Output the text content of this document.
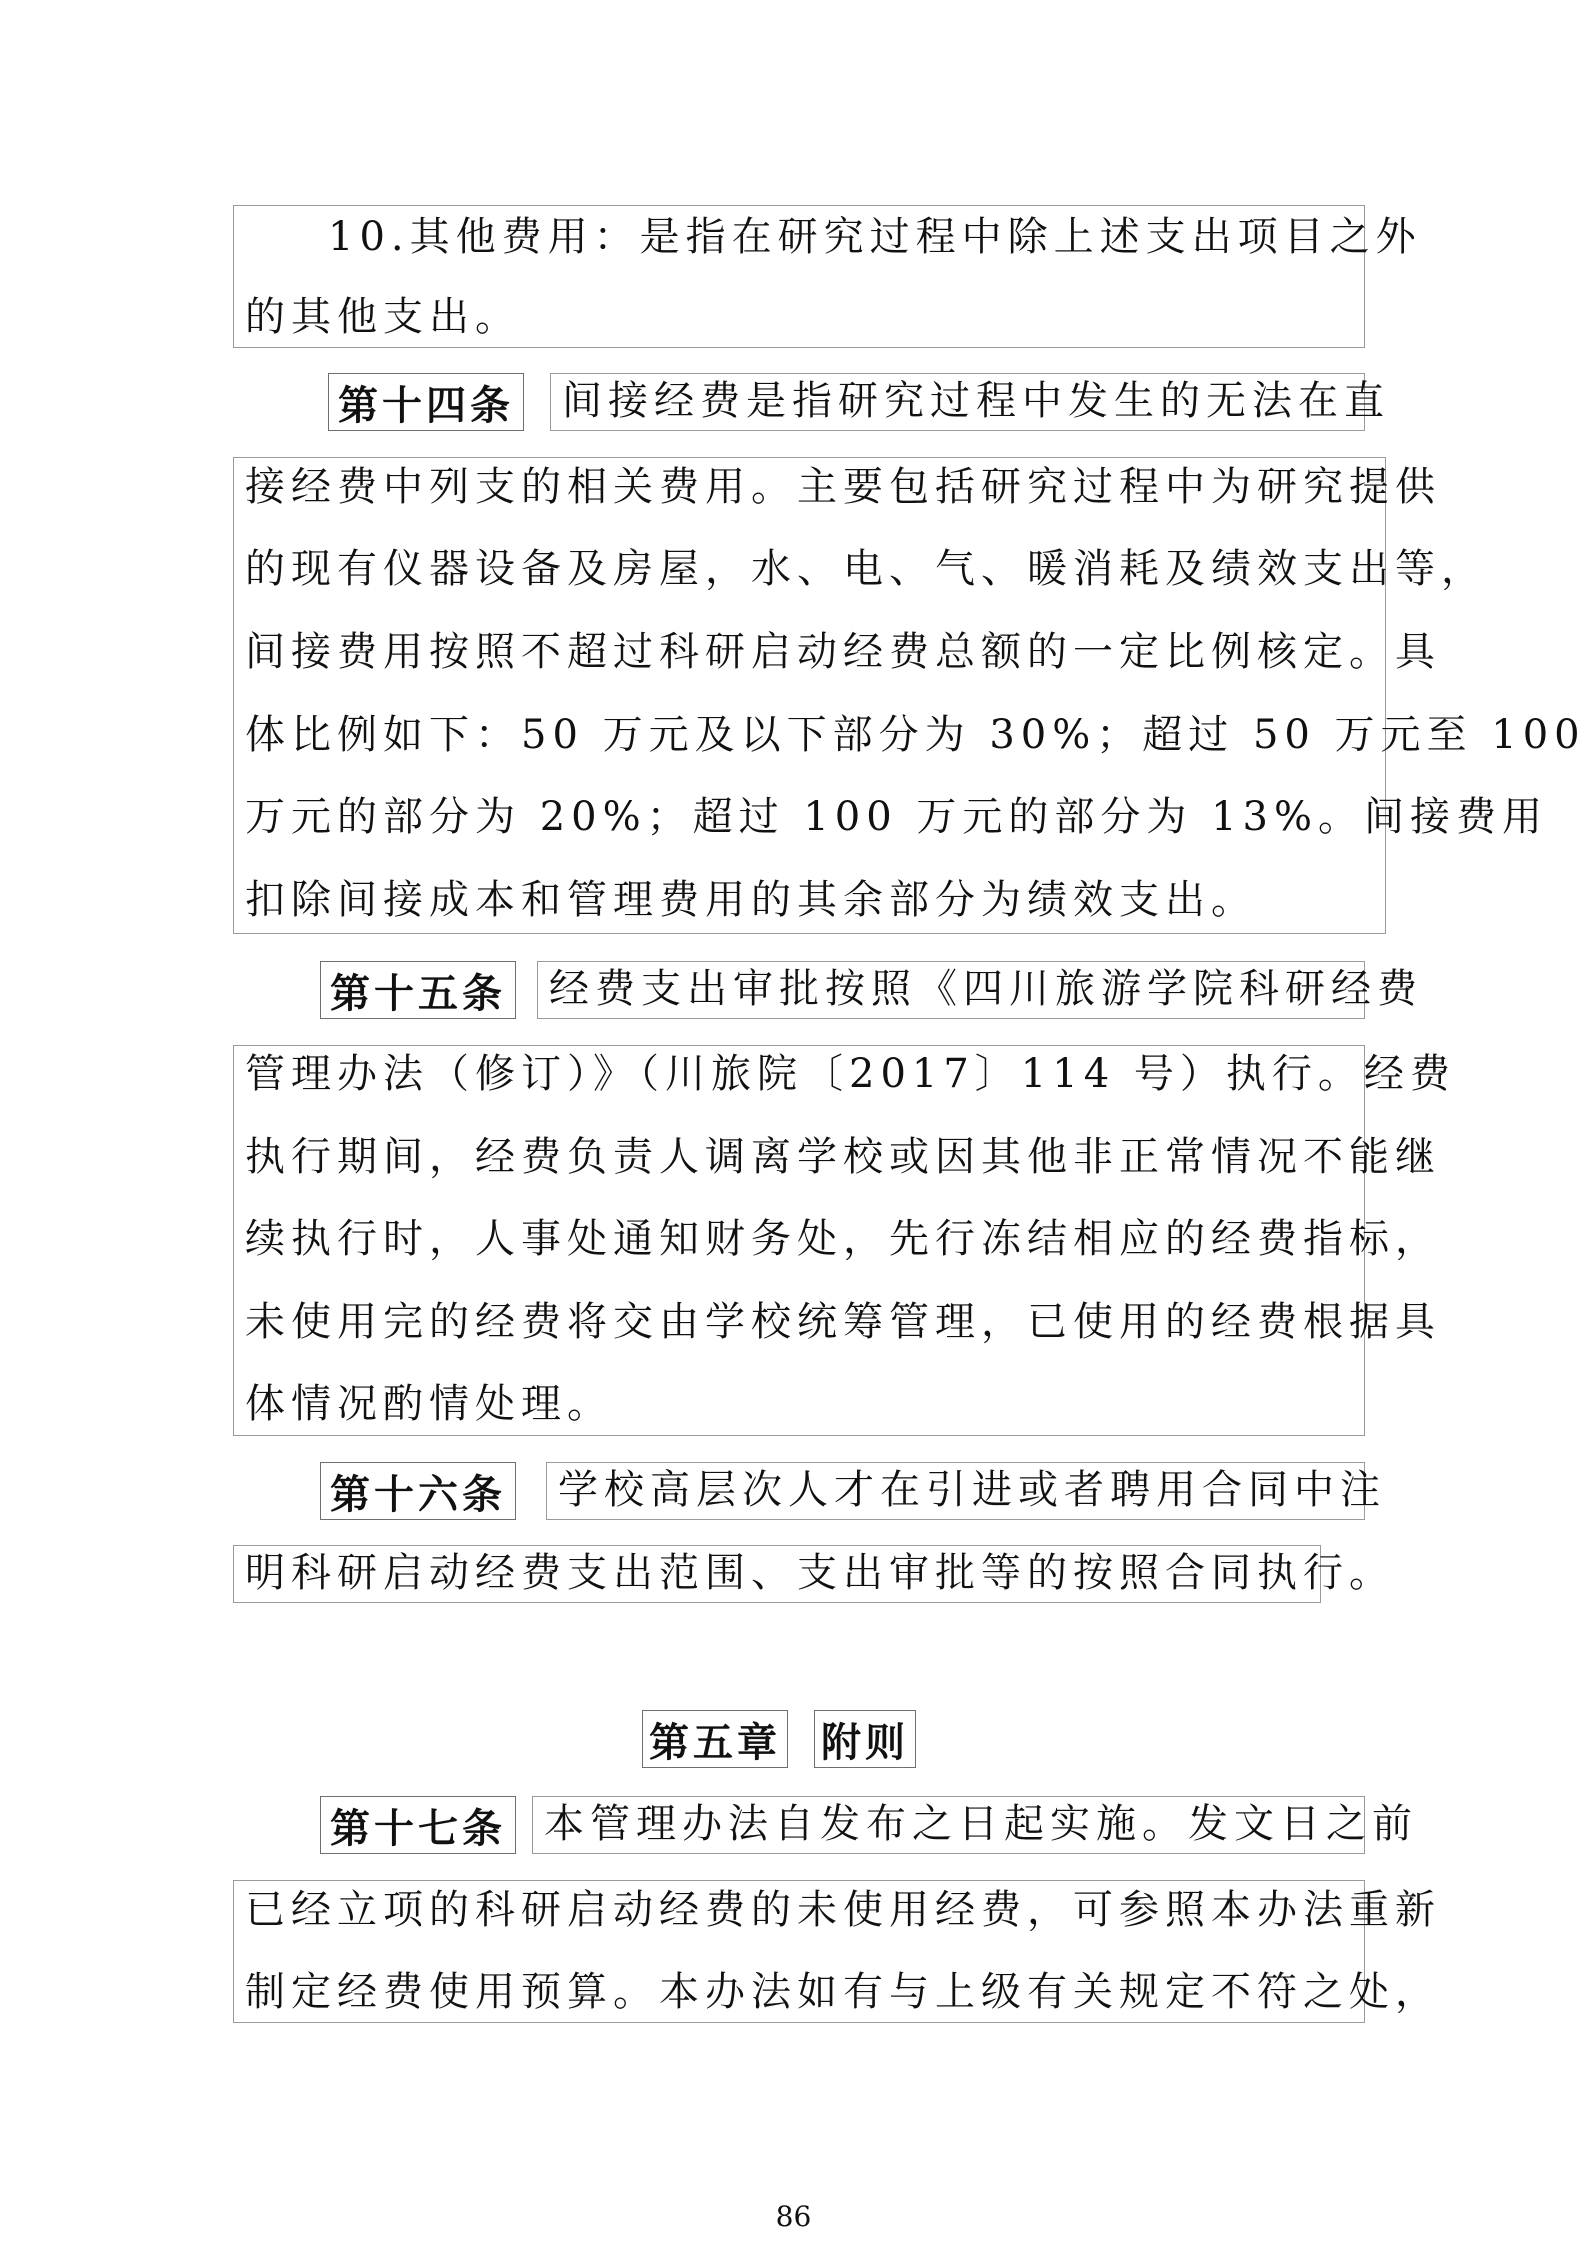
10.其他费用：是指在研究过程中除上述支出项目之外
的其他支出。
第十四条 间接经费是指研究过程中发生的无法在直
接经费中列支的相关费用。主要包括研究过程中为研究提供
的现有仪器设备及房屋，水、电、气、暖消耗及绩效支出等，
间接费用按照不超过科研启动经费总额的一定比例核定。具
体比例如下：50 万元及以下部分为 30%；超过 50 万元至 100
万元的部分为 20%；超过 100 万元的部分为 13%。间接费用
扣除间接成本和管理费用的其余部分为绩效支出。
第十五条 经费支出审批按照《四川旅游学院科研经费
管理办法（修订）》（川旅院〔2017〕114 号）执行。经费
执行期间，经费负责人调离学校或因其他非正常情况不能继
续执行时，人事处通知财务处，先行冻结相应的经费指标，
未使用完的经费将交由学校统筹管理，已使用的经费根据具
体情况酌情处理。
第十六条 学校高层次人才在引进或者聘用合同中注
明科研启动经费支出范围、支出审批等的按照合同执行。
第五章 附则
第十七条 本管理办法自发布之日起实施。发文日之前
已经立项的科研启动经费的未使用经费，可参照本办法重新
制定经费使用预算。本办法如有与上级有关规定不符之处，
86
